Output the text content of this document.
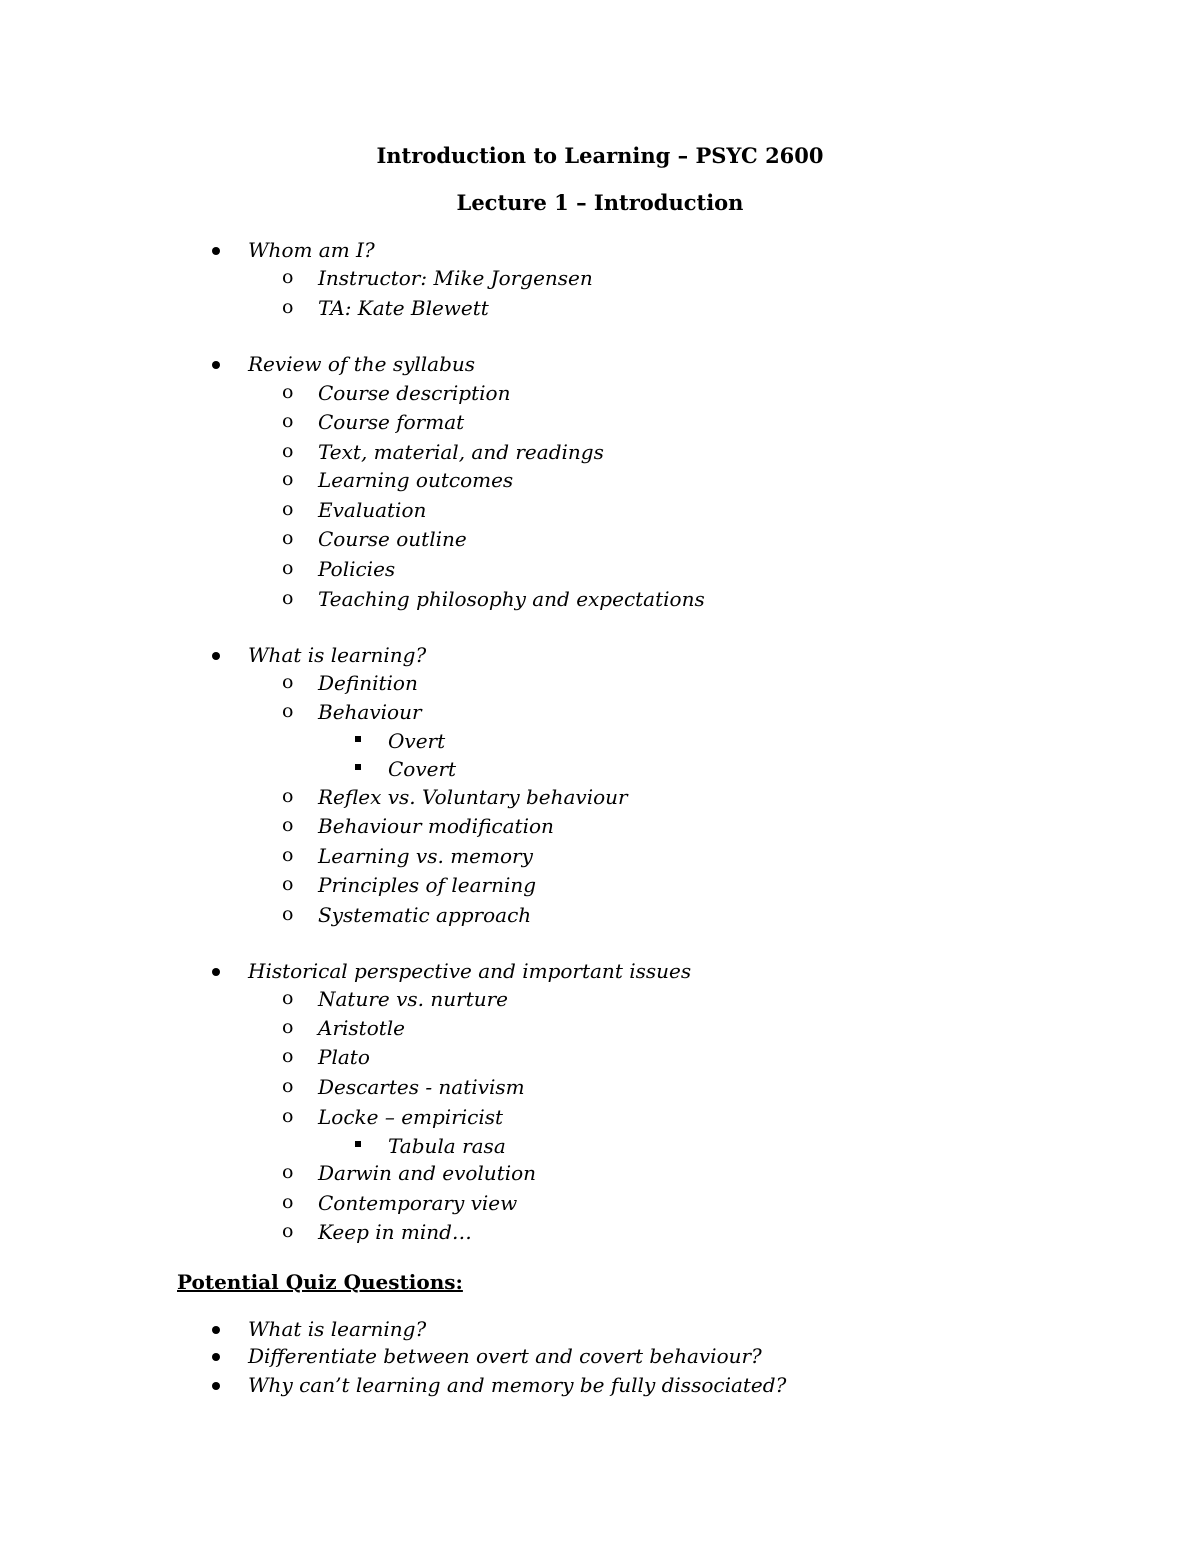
Introduction to Learning – PSYC 2600
Lecture 1 – Introduction
Whom am I?
o Instructor: Mike Jorgensen
o TA: Kate Blewett
Review of the syllabus
o Course description
o Course format
o Text, material, and readings
o Learning outcomes
o Evaluation
o Course outline
o Policies
o Teaching philosophy and expectations
What is learning?
o Definition
o Behaviour
Overt
Covert
o Reflex vs. Voluntary behaviour
o Behaviour modification
o Learning vs. memory
o Principles of learning
o Systematic approach
Historical perspective and important issues
o Nature vs. nurture
o Aristotle
o Plato
o Descartes - nativism
o Locke – empiricist
Tabula rasa
o Darwin and evolution
o Contemporary view
o Keep in mind…
Potential Quiz Questions:
What is learning?
Differentiate between overt and covert behaviour?
Why can’t learning and memory be fully dissociated?
